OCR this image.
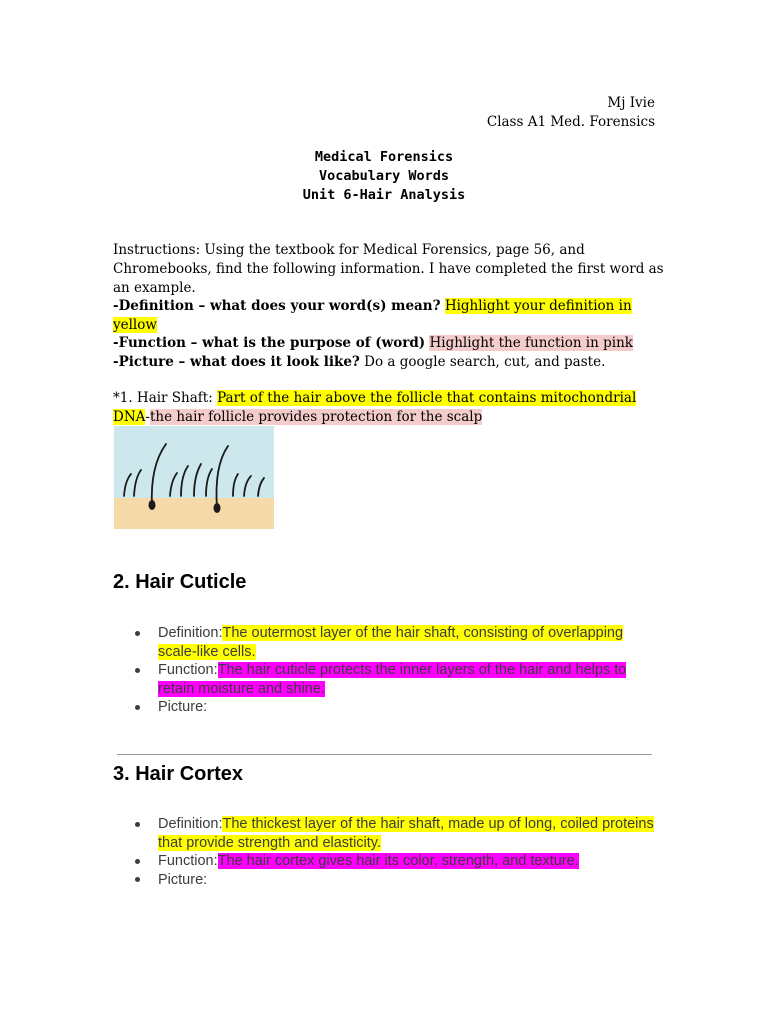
Mj Ivie
Class A1 Med. Forensics
Medical Forensics
Vocabulary Words
Unit 6-Hair Analysis
Instructions: Using the textbook for Medical Forensics, page 56, and Chromebooks, find the following information. I have completed the first word as an example.
-Definition – what does your word(s) mean? Highlight your definition in yellow
-Function – what is the purpose of (word) Highlight the function in pink
-Picture – what does it look like? Do a google search, cut, and paste.
*1. Hair Shaft: Part of the hair above the follicle that contains mitochondrial DNA-the hair follicle provides protection for the scalp
2. Hair Cuticle
Definition:The outermost layer of the hair shaft, consisting of overlapping scale-like cells.
Function:The hair cuticle protects the inner layers of the hair and helps to retain moisture and shine.
Picture:
3. Hair Cortex
Definition:The thickest layer of the hair shaft, made up of long, coiled proteins that provide strength and elasticity.
Function:The hair cortex gives hair its color, strength, and texture.
Picture:
